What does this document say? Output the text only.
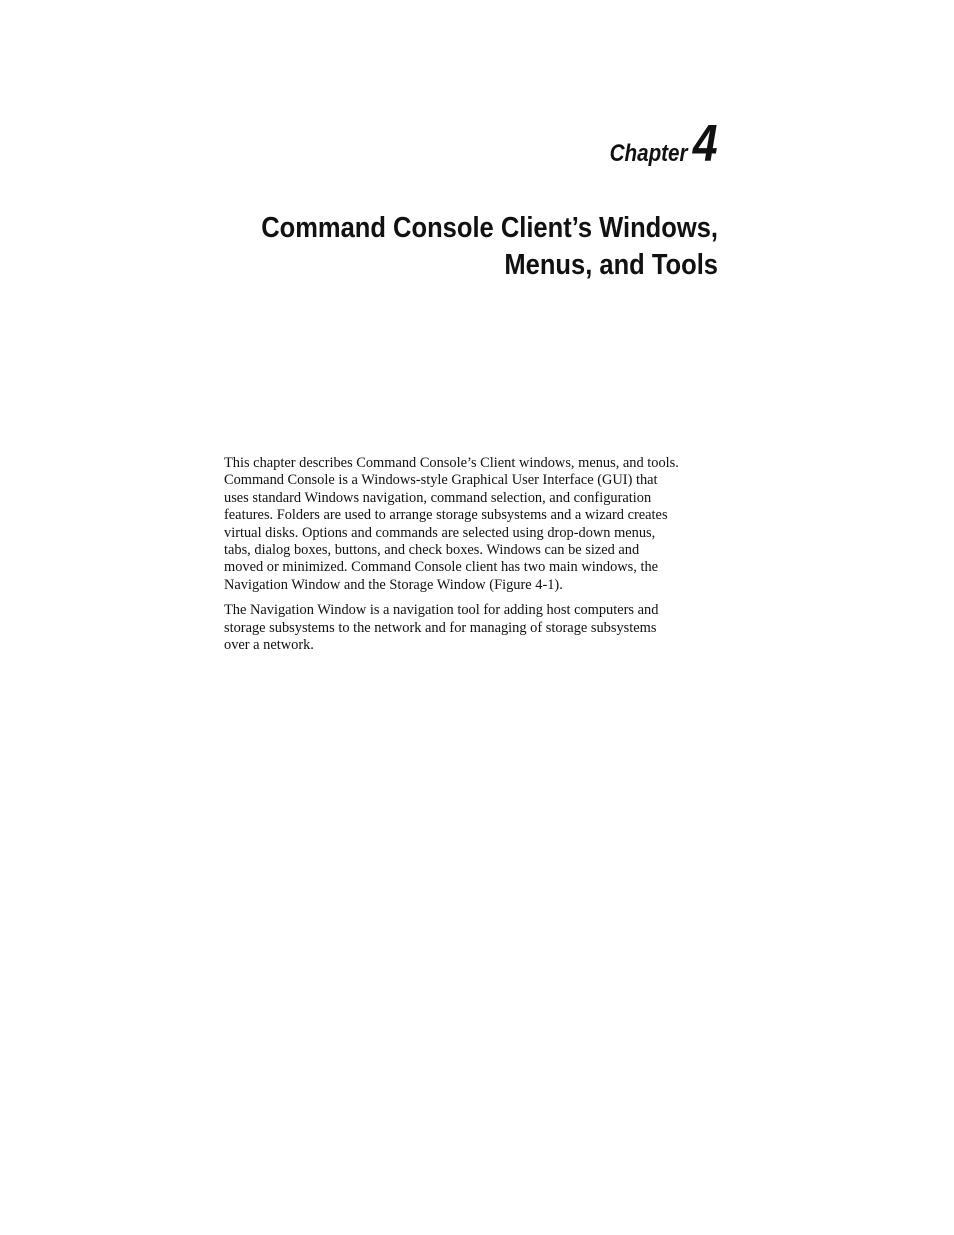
Chapter 4
Command Console Client’s Windows,
Menus, and Tools

This chapter describes Command Console’s Client windows, menus, and tools.
Command Console is a Windows-style Graphical User Interface (GUI) that
uses standard Windows navigation, command selection, and configuration
features. Folders are used to arrange storage subsystems and a wizard creates
virtual disks. Options and commands are selected using drop-down menus,
tabs, dialog boxes, buttons, and check boxes. Windows can be sized and
moved or minimized. Command Console client has two main windows, the
Navigation Window and the Storage Window (Figure 4-1).

The Navigation Window is a navigation tool for adding host computers and
storage subsystems to the network and for managing of storage subsystems
over a network.
